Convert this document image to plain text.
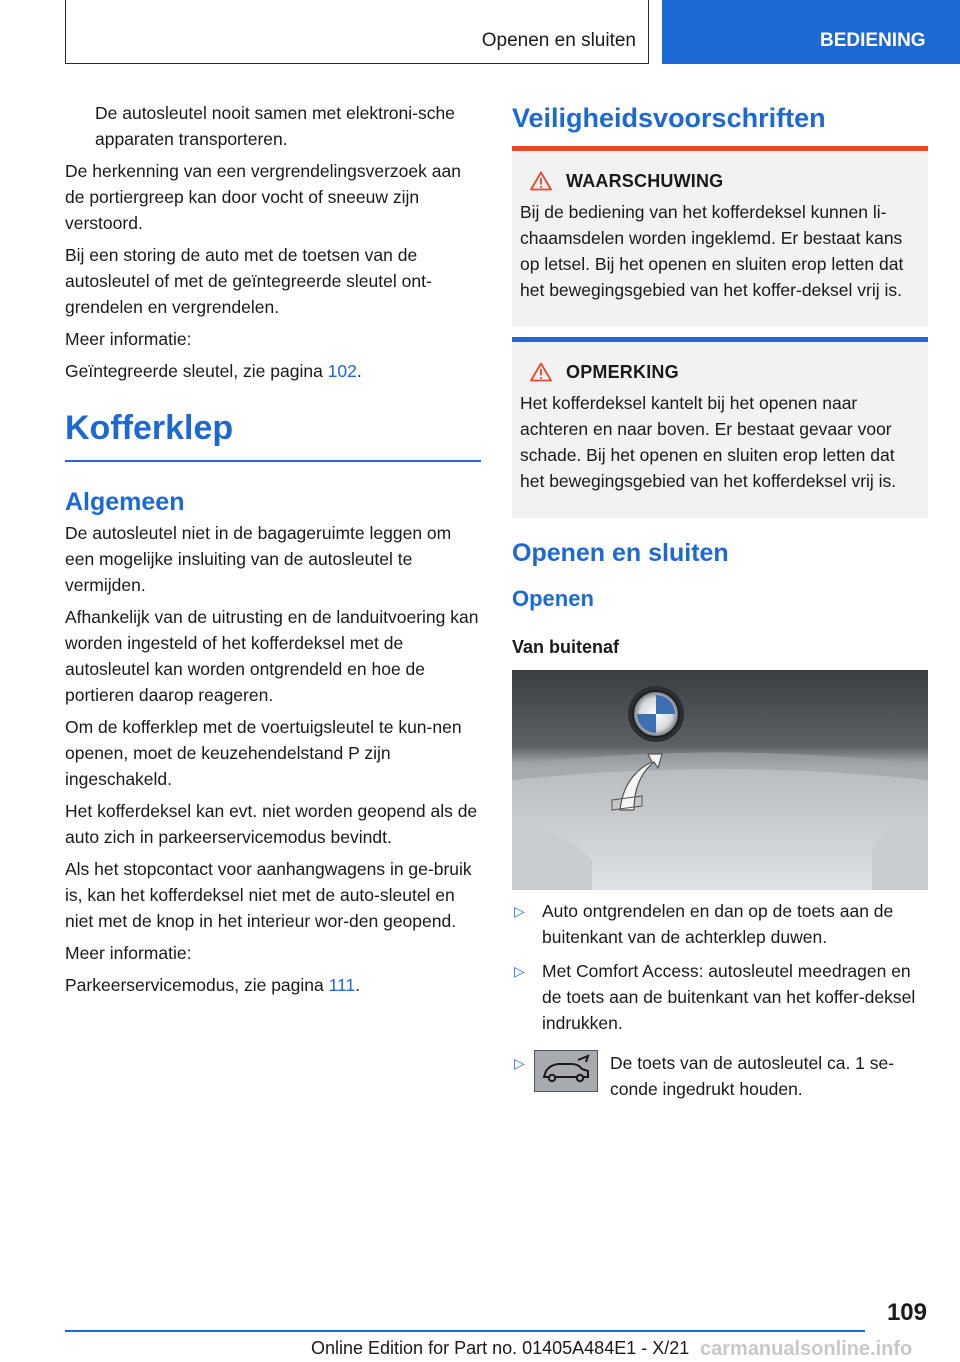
Openen en sluiten	BEDIENING

De autosleutel nooit samen met elektroni-sche apparaten transporteren.

De herkenning van een vergrendelingsverzoek aan de portiergreep kan door vocht of sneeuw zijn verstoord.

Bij een storing de auto met de toetsen van de autosleutel of met de geïntegreerde sleutel ont-grendelen en vergrendelen.

Meer informatie:

Geïntegreerde sleutel, zie pagina 102.

Kofferklep
Algemeen

De autosleutel niet in de bagageruimte leggen om een mogelijke insluiting van de autosleutel te vermijden.

Afhankelijk van de uitrusting en de landuitvoering kan worden ingesteld of het kofferdeksel met de autosleutel kan worden ontgrendeld en hoe de portieren daarop reageren.

Om de kofferklep met de voertuigsleutel te kun-nen openen, moet de keuzehendelstand P zijn ingeschakeld.

Het kofferdeksel kan evt. niet worden geopend als de auto zich in parkeerservicemodus bevindt.

Als het stopcontact voor aanhangwagens in ge-bruik is, kan het kofferdeksel niet met de auto-sleutel en niet met de knop in het interieur wor-den geopend.

Meer informatie:

Parkeerservicemodus, zie pagina 111.

Veiligheidsvoorschriften
WAARSCHUWING

Bij de bediening van het kofferdeksel kunnen li-chaamsdelen worden ingeklemd. Er bestaat kans op letsel. Bij het openen en sluiten erop letten dat het bewegingsgebied van het koffer-deksel vrij is.

OPMERKING

Het kofferdeksel kantelt bij het openen naar achteren en naar boven. Er bestaat gevaar voor schade. Bij het openen en sluiten erop letten dat het bewegingsgebied van het kofferdeksel vrij is.

Openen en sluiten
Openen
Van buitenaf
▷ Auto ontgrendelen en dan op de toets aan de buitenkant van de achterklep duwen.
▷ Met Comfort Access: autosleutel meedragen en de toets aan de buitenkant van het koffer-deksel indrukken.
▷	De toets van de autosleutel ca. 1 se-conde ingedrukt houden.
109
Online Edition for Part no. 01405A484E1 - X/21 carmanualsonline.info
